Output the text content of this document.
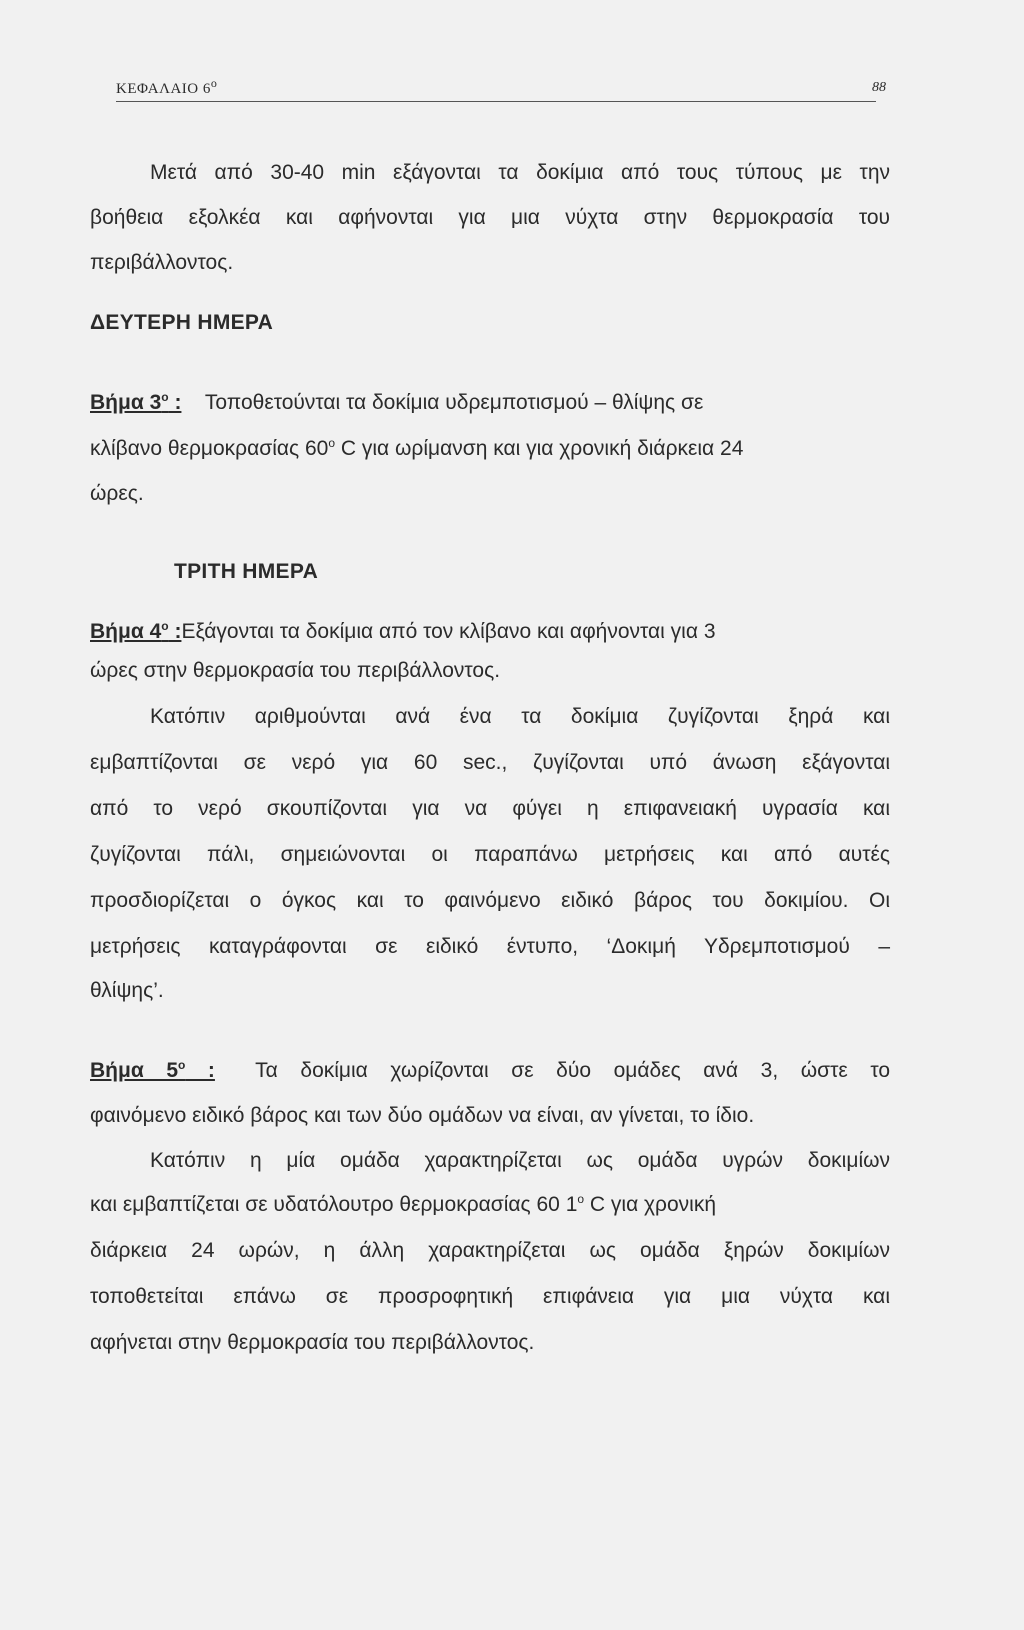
ΚΕΦΑΛΑΙΟ $6^o$	88
Μετά από 30-40 min εξάγονται τα δοκίμια από τους τύπους με την
βοήθεια εξολκέα και αφήνονται για μια νύχτα στην θερμοκρασία του
περιβάλλοντος.
ΔΕΥΤΕΡΗ ΗΜΕΡΑ
Βήμα $3^o$ : Τοποθετούνται τα δοκίμια υδρεμποτισμού – θλίψης σε
κλίβανο θερμοκρασίας $60^o$ C για ωρίμανση και για χρονική διάρκεια 24
ώρες.
ΤΡΙΤΗ ΗΜΕΡΑ
Βήμα $4^o$ :Εξάγονται τα δοκίμια από τον κλίβανο και αφήνονται για 3
ώρες στην θερμοκρασία του περιβάλλοντος.
Κατόπιν αριθμούνται ανά ένα τα δοκίμια ζυγίζονται ξηρά και
εμβαπτίζονται σε νερό για 60 sec., ζυγίζονται υπό άνωση εξάγονται
από το νερό σκουπίζονται για να φύγει η επιφανειακή υγρασία και
ζυγίζονται πάλι, σημειώνονται οι παραπάνω μετρήσεις και από αυτές
προσδιορίζεται ο όγκος και το φαινόμενο ειδικό βάρος του δοκιμίου. Οι
μετρήσεις καταγράφονται σε ειδικό έντυπο, ‘Δοκιμή Υδρεμποτισμού –
θλίψης’.
Βήμα $5^o$ : Τα δοκίμια χωρίζονται σε δύο ομάδες ανά 3, ώστε το
φαινόμενο ειδικό βάρος και των δύο ομάδων να είναι, αν γίνεται, το ίδιο.
Κατόπιν η μία ομάδα χαρακτηρίζεται ως ομάδα υγρών δοκιμίων
και εμβαπτίζεται σε υδατόλουτρο θερμοκρασίας 60 $1^o$ C για χρονική
διάρκεια 24 ωρών, η άλλη χαρακτηρίζεται ως ομάδα ξηρών δοκιμίων
τοποθετείται επάνω σε προσροφητική επιφάνεια για μια νύχτα και
αφήνεται στην θερμοκρασία του περιβάλλοντος.
